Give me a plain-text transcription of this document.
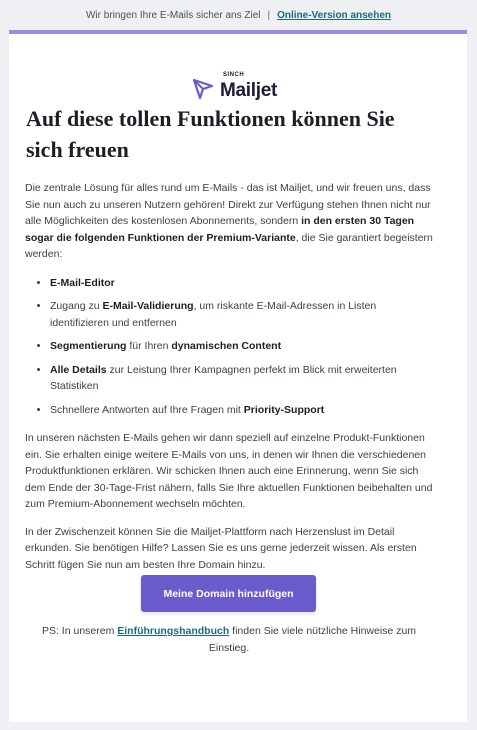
Wir bringen Ihre E-Mails sicher ans Ziel | Online-Version ansehen
SINCH
Mailjet
Auf diese tollen Funktionen können Sie sich freuen

Die zentrale Lösung für alles rund um E-Mails - das ist Mailjet, und wir freuen uns, dass Sie nun auch zu unseren Nutzern gehören! Direkt zur Verfügung stehen Ihnen nicht nur alle Möglichkeiten des kostenlosen Abonnements, sondern in den ersten 30 Tagen sogar die folgenden Funktionen der Premium-Variante, die Sie garantiert begeistern werden:

• E-Mail-Editor
• Zugang zu E-Mail-Validierung, um riskante E-Mail-Adressen in Listen identifizieren und entfernen
• Segmentierung für Ihren dynamischen Content
• Alle Details zur Leistung Ihrer Kampagnen perfekt im Blick mit erweiterten Statistiken
• Schnellere Antworten auf Ihre Fragen mit Priority-Support

In unseren nächsten E-Mails gehen wir dann speziell auf einzelne Produkt-Funktionen ein. Sie erhalten einige weitere E-Mails von uns, in denen wir Ihnen die verschiedenen Produktfunktionen erklären. Wir schicken Ihnen auch eine Erinnerung, wenn Sie sich dem Ende der 30-Tage-Frist nähern, falls Sie Ihre aktuellen Funktionen beibehalten und zum Premium-Abonnement wechseln möchten.

In der Zwischenzeit können Sie die Mailjet-Plattform nach Herzenslust im Detail erkunden. Sie benötigen Hilfe? Lassen Sie es uns gerne jederzeit wissen. Als ersten Schritt fügen Sie nun am besten Ihre Domain hinzu.

Meine Domain hinzufügen
PS: In unserem Einführungshandbuch finden Sie viele nützliche Hinweise zum Einstieg.
